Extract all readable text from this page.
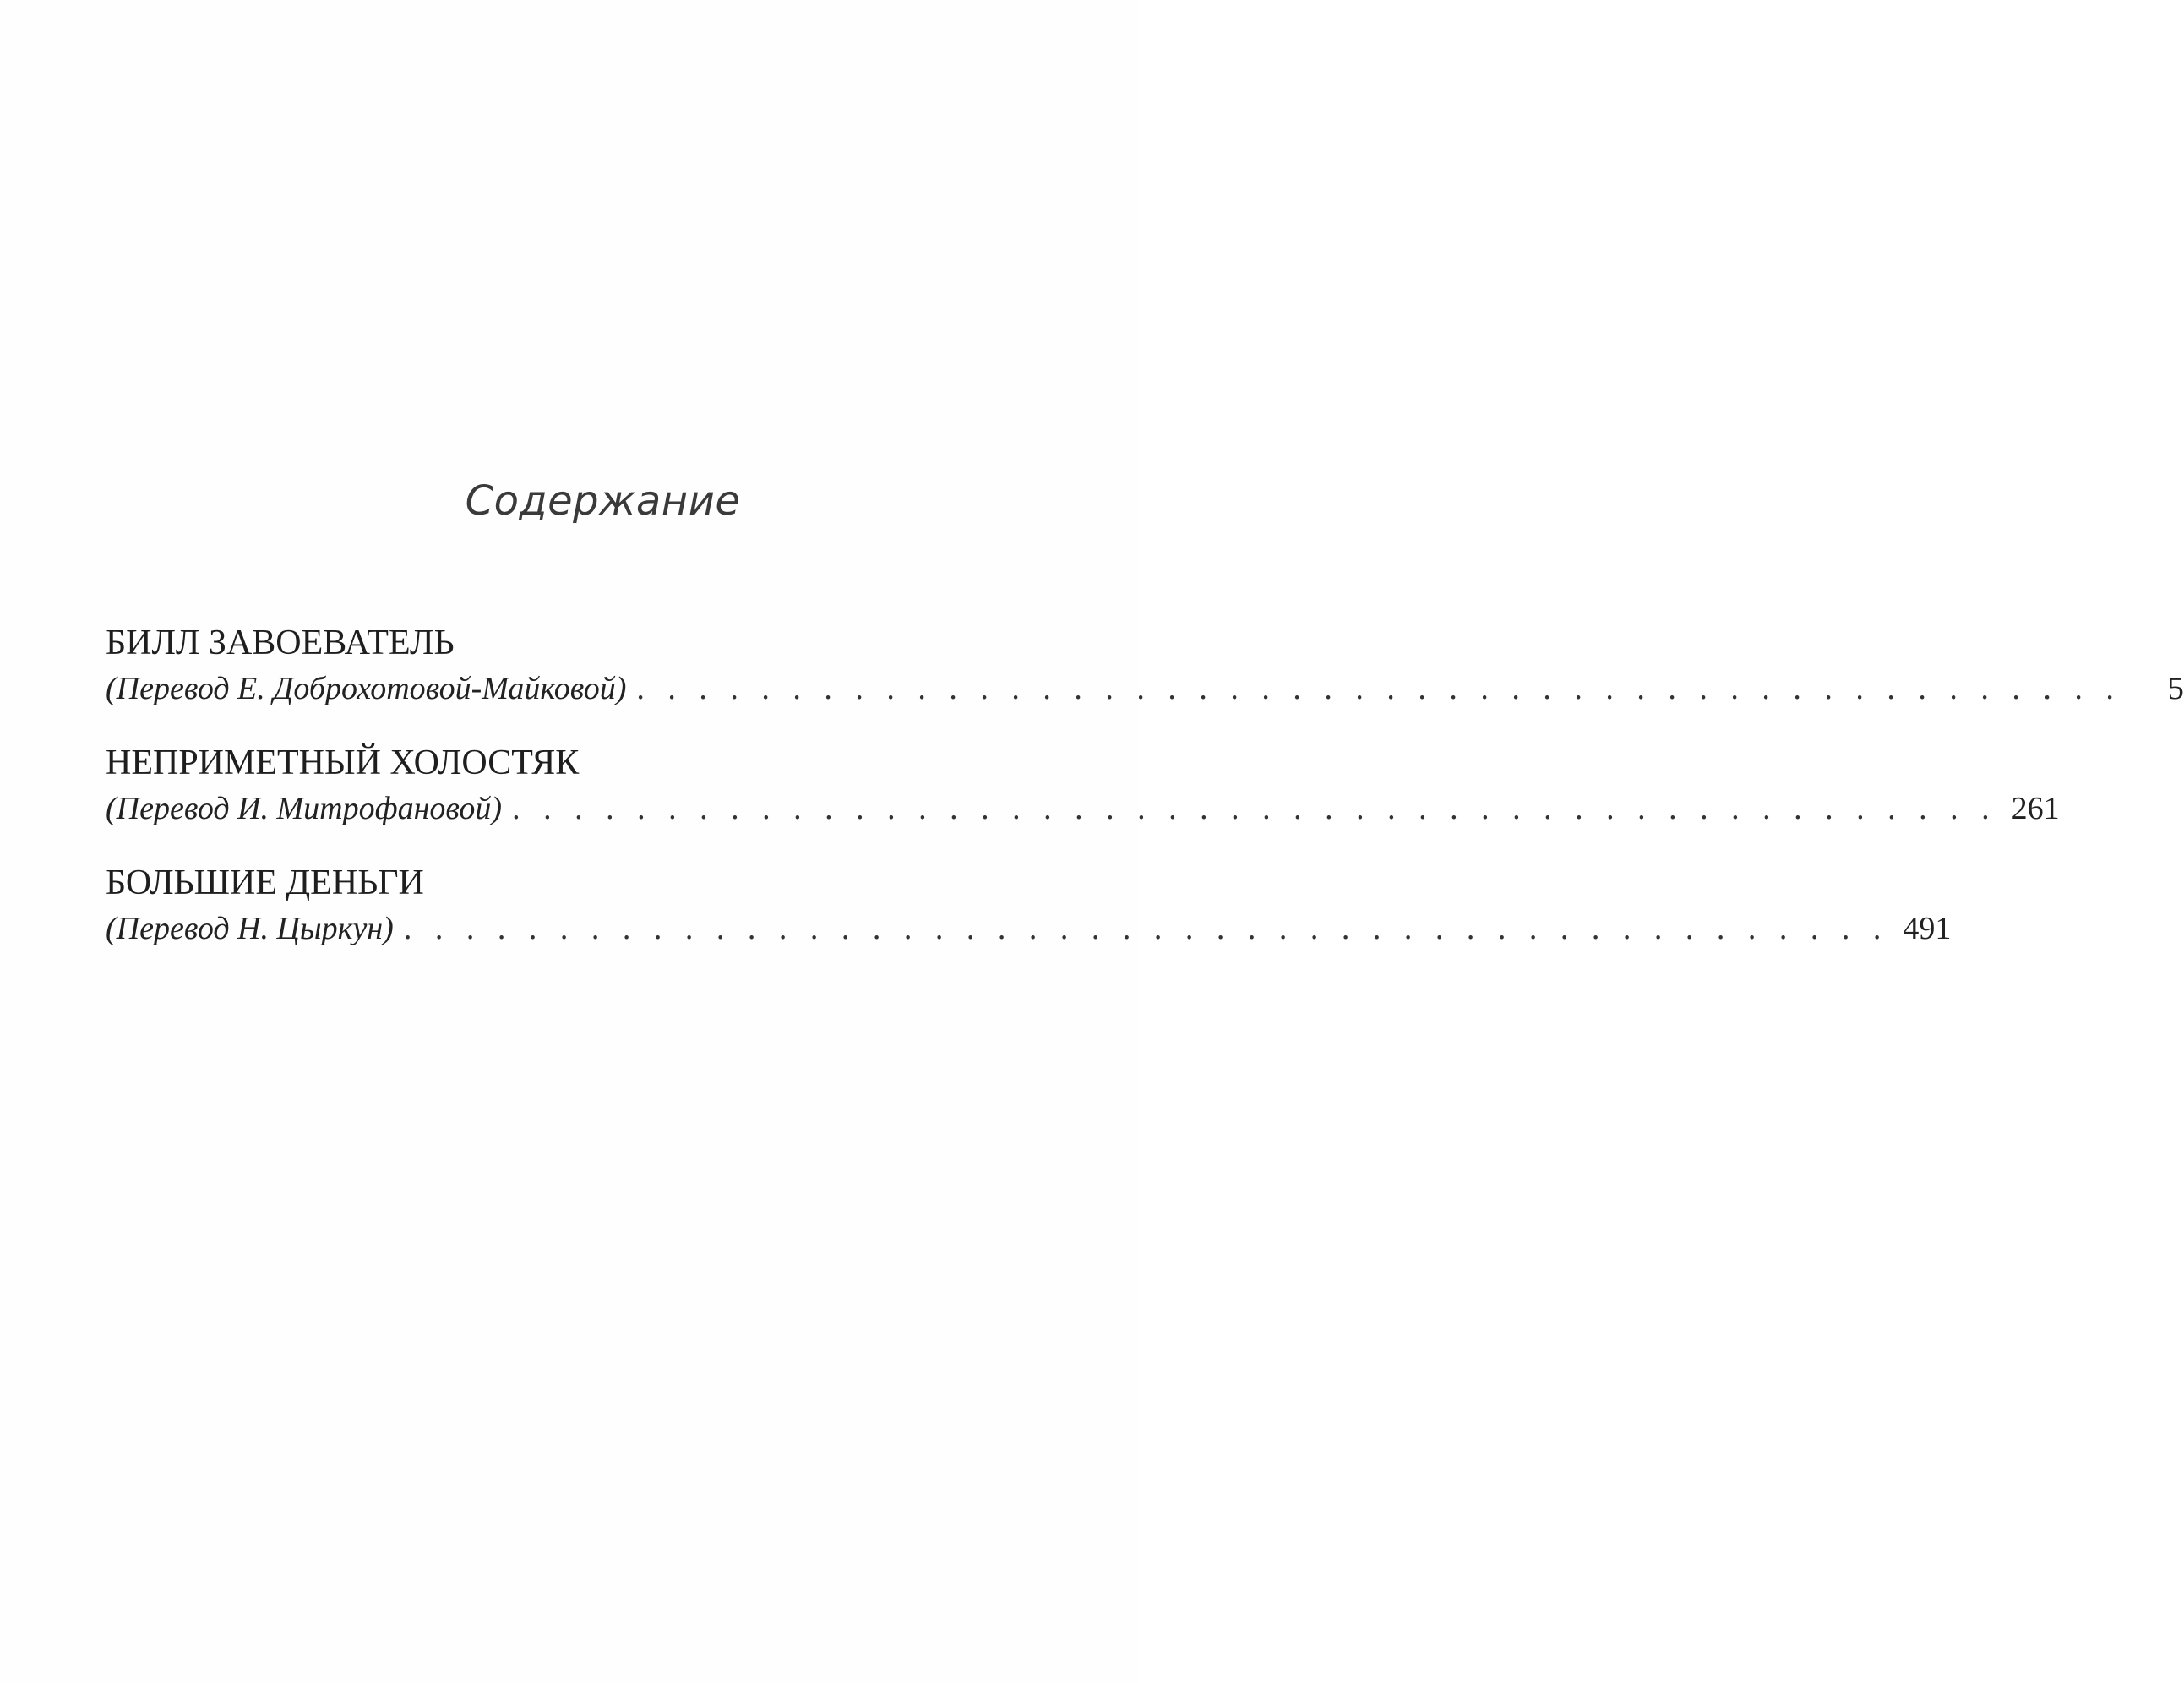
Содержание
БИЛЛ ЗАВОЕВАТЕЛЬ
(Перевод Е. Доброхотовой-Майковой) . . . . . . . . . . . . . . . . . . . . . . . . . . . . . . . . . . . . . . . . . . . . . . . .	5
НЕПРИМЕТНЫЙ ХОЛОСТЯК
(Перевод И. Митрофановой) . . . . . . . . . . . . . . . . . . . . . . . . . . . . . . . . . . . . . . . . . . . . . . . . 261
БОЛЬШИЕ ДЕНЬГИ
(Перевод Н. Цыркун) . . . . . . . . . . . . . . . . . . . . . . . . . . . . . . . . . . . . . . . . . . . . . . . . 491
